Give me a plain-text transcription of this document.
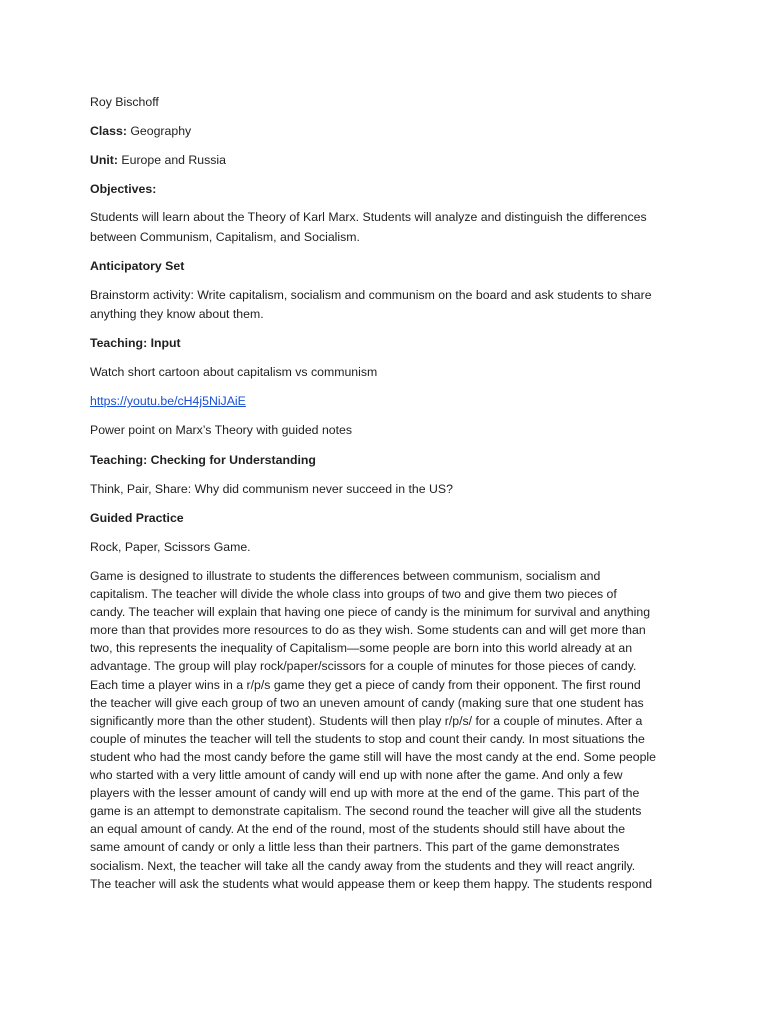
Roy Bischoff
Class: Geography
Unit: Europe and Russia
Objectives:
Students will learn about the Theory of Karl Marx. Students will analyze and distinguish the differences
between Communism, Capitalism, and Socialism.
Anticipatory Set
Brainstorm activity: Write capitalism, socialism and communism on the board and ask students to share
anything they know about them.
Teaching: Input
Watch short cartoon about capitalism vs communism
https://youtu.be/cH4j5NiJAiE
Power point on Marx’s Theory with guided notes
Teaching: Checking for Understanding
Think, Pair, Share: Why did communism never succeed in the US?
Guided Practice
Rock, Paper, Scissors Game.
Game is designed to illustrate to students the differences between communism, socialism and
capitalism. The teacher will divide the whole class into groups of two and give them two pieces of
candy. The teacher will explain that having one piece of candy is the minimum for survival and anything
more than that provides more resources to do as they wish. Some students can and will get more than
two, this represents the inequality of Capitalism—some people are born into this world already at an
advantage. The group will play rock/paper/scissors for a couple of minutes for those pieces of candy.
Each time a player wins in a r/p/s game they get a piece of candy from their opponent. The first round
the teacher will give each group of two an uneven amount of candy (making sure that one student has
significantly more than the other student). Students will then play r/p/s/ for a couple of minutes. After a
couple of minutes the teacher will tell the students to stop and count their candy. In most situations the
student who had the most candy before the game still will have the most candy at the end. Some people
who started with a very little amount of candy will end up with none after the game. And only a few
players with the lesser amount of candy will end up with more at the end of the game. This part of the
game is an attempt to demonstrate capitalism. The second round the teacher will give all the students
an equal amount of candy. At the end of the round, most of the students should still have about the
same amount of candy or only a little less than their partners. This part of the game demonstrates
socialism. Next, the teacher will take all the candy away from the students and they will react angrily.
The teacher will ask the students what would appease them or keep them happy. The students respond
